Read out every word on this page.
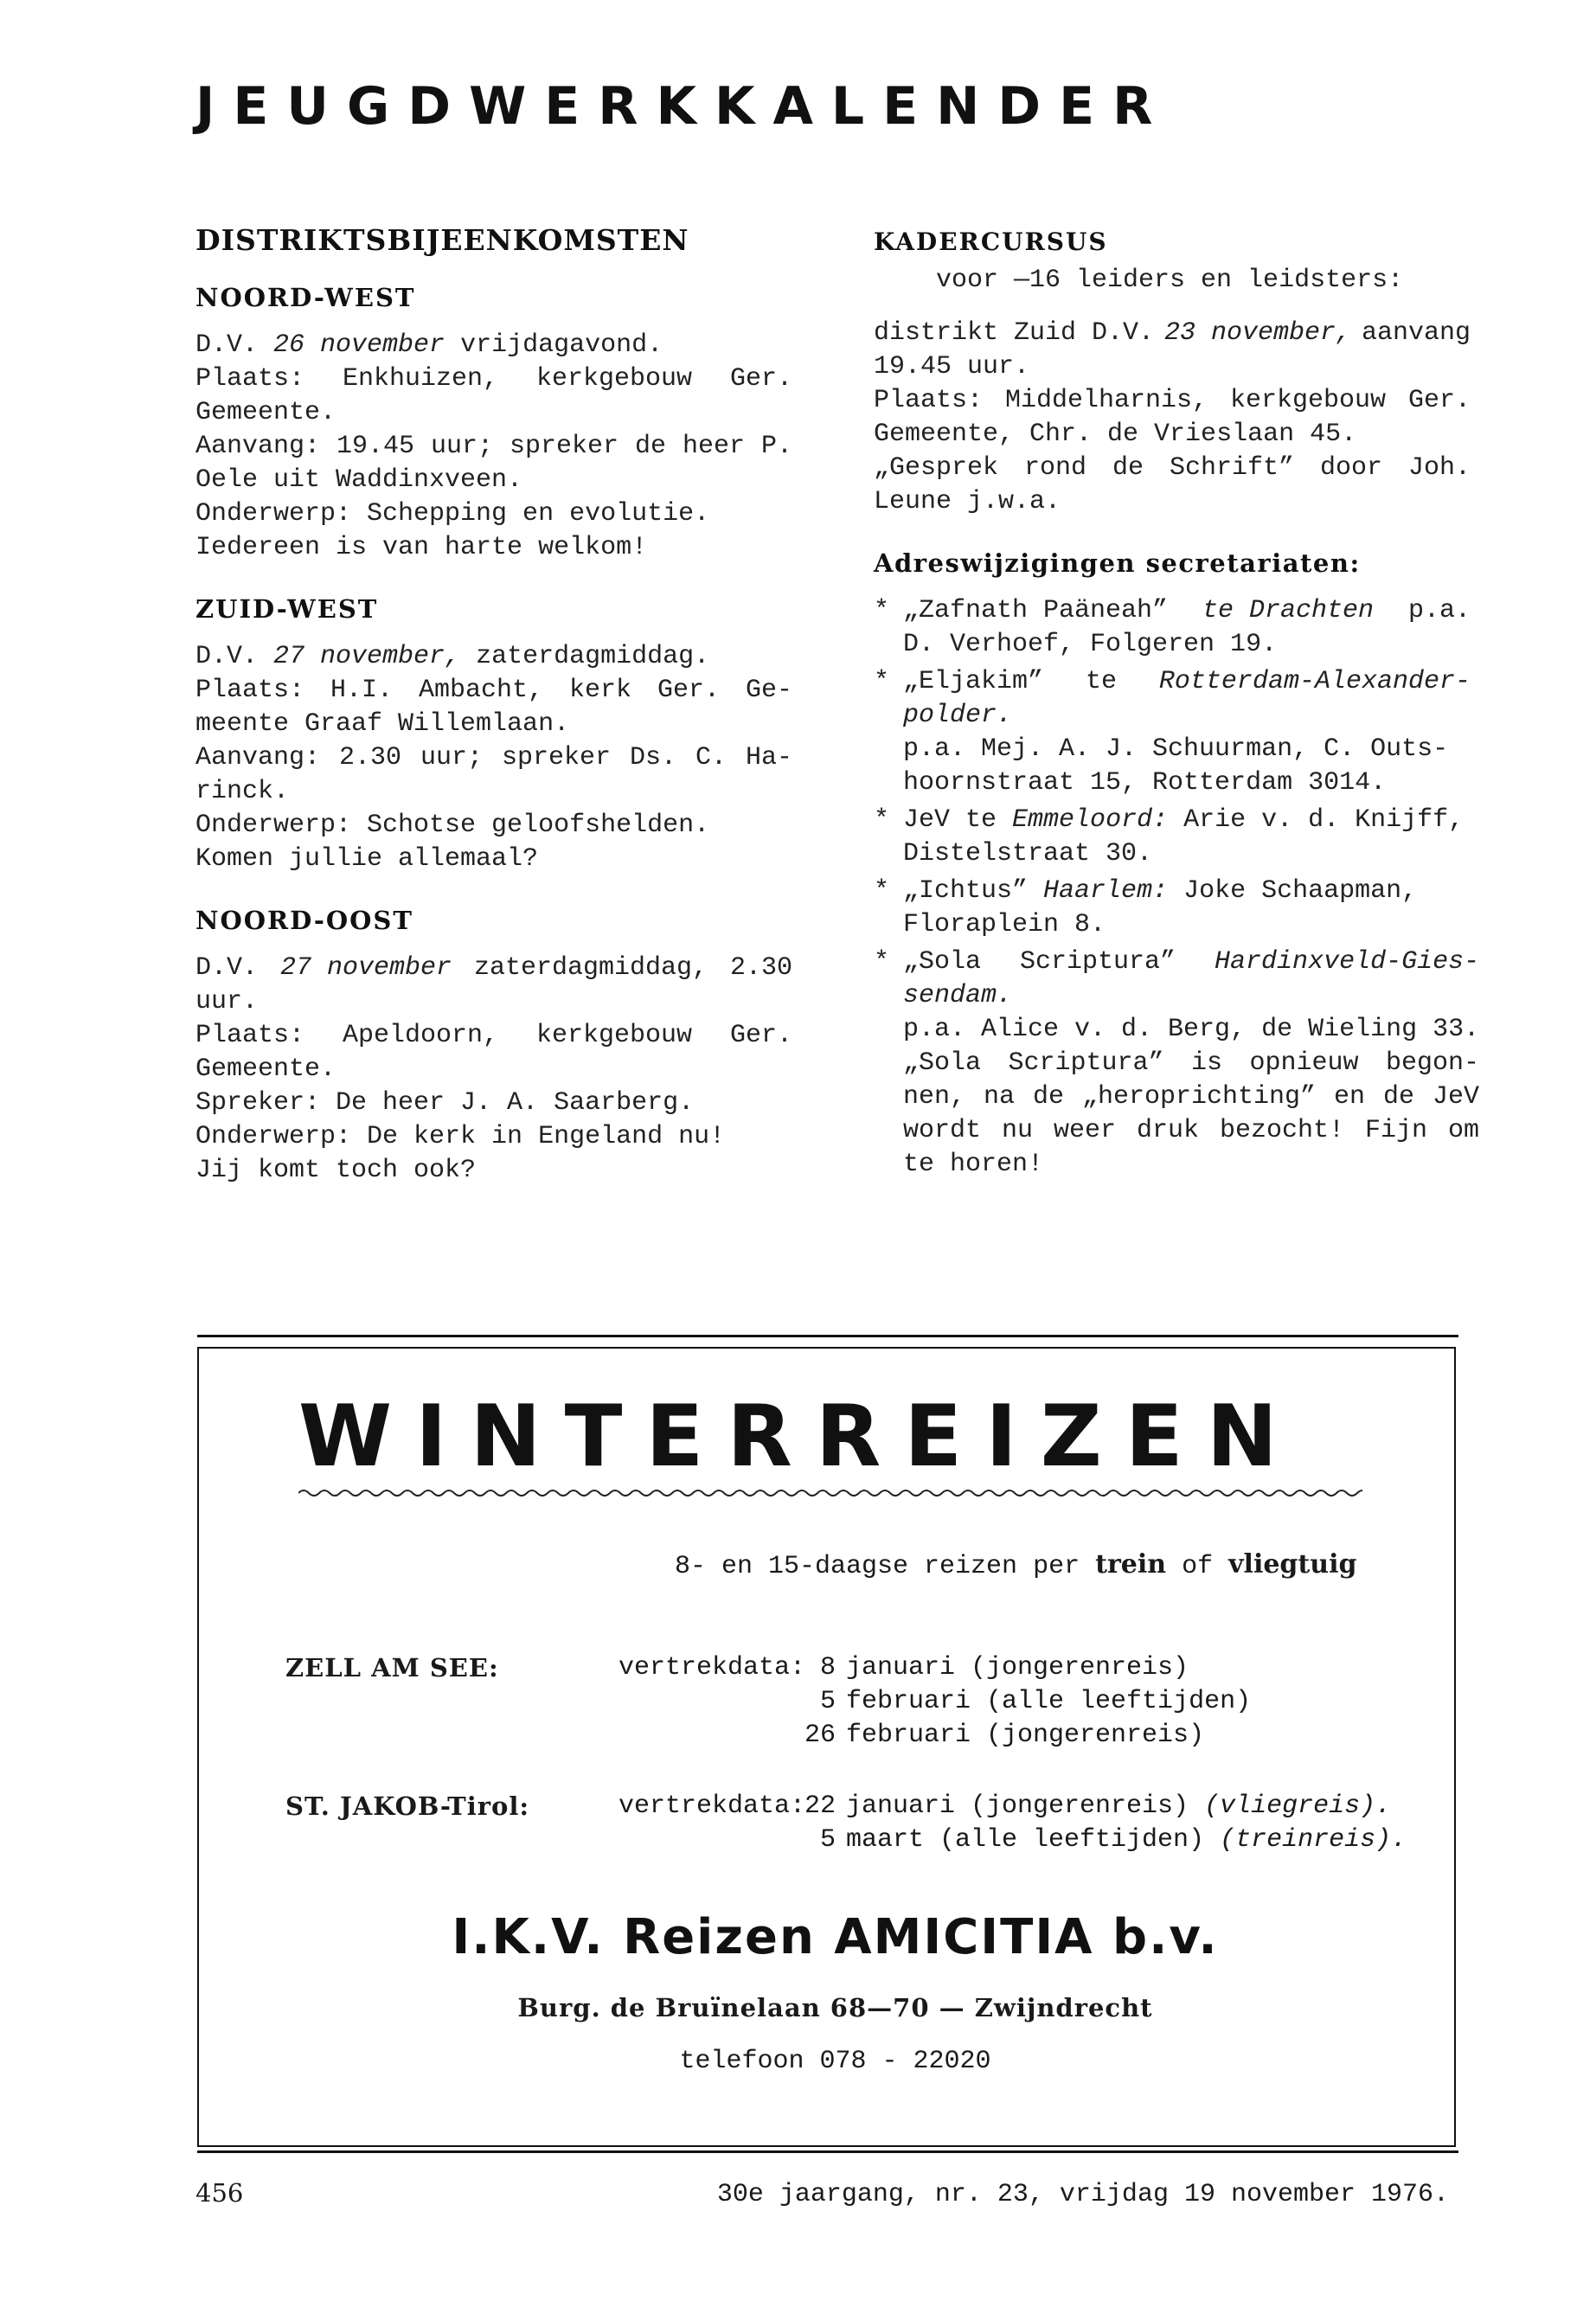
JEUGDWERKKALENDER
DISTRIKTSBIJEENKOMSTEN
NOORD-WEST
D.V. 26 november vrijdagavond.
Plaats: Enkhuizen, kerkgebouw Ger.
Gemeente.
Aanvang: 19.45 uur; spreker de heer P.
Oele uit Waddinxveen.
Onderwerp: Schepping en evolutie.
Iedereen is van harte welkom!
ZUID-WEST
D.V. 27 november, zaterdagmiddag.
Plaats: H.I. Ambacht, kerk Ger. Ge-
meente Graaf Willemlaan.
Aanvang: 2.30 uur; spreker Ds. C. Ha-
rinck.
Onderwerp: Schotse geloofshelden.
Komen jullie allemaal?
NOORD-OOST
D.V. 27 november zaterdagmiddag, 2.30
uur.
Plaats: Apeldoorn, kerkgebouw Ger.
Gemeente.
Spreker: De heer J. A. Saarberg.
Onderwerp: De kerk in Engeland nu!
Jij komt toch ook?
KADERCURSUS
voor —16 leiders en leidsters:
distrikt Zuid D.V. 23 november, aanvang
19.45 uur.
Plaats: Middelharnis, kerkgebouw Ger.
Gemeente, Chr. de Vrieslaan 45.
„Gesprek rond de Schrift” door Joh.
Leune j.w.a.
Adreswijzigingen secretariaten:
* „Zafnath Paäneah” te Drachten p.a.
D. Verhoef, Folgeren 19.
* „Eljakim” te Rotterdam-Alexander-
polder.
p.a. Mej. A. J. Schuurman, C. Outs-
hoornstraat 15, Rotterdam 3014.
* JeV te Emmeloord: Arie v. d. Knijff,
Distelstraat 30.
* „Ichtus” Haarlem: Joke Schaapman,
Floraplein 8.
* „Sola Scriptura” Hardinxveld-Gies-
sendam.
p.a. Alice v. d. Berg, de Wieling 33.
„Sola Scriptura” is opnieuw begon-
nen, na de „heroprichting” en de JeV
wordt nu weer druk bezocht! Fijn om
te horen!
WINTERREIZEN
8- en 15-daagse reizen per trein of vliegtuig
ZELL AM SEE:	vertrekdata: 8 januari (jongerenreis)
5 februari (alle leeftijden)
26 februari (jongerenreis)
ST. JAKOB-Tirol:	vertrekdata:
22 januari (jongerenreis)
(vliegreis).
5 maart (alle leeftijden)
(treinreis).
I.K.V. Reizen AMICITIA b.v.
Burg. de Bruïnelaan 68—70 — Zwijndrecht
telefoon 078 - 22020
456	30e jaargang, nr. 23, vrijdag 19 november 1976.
